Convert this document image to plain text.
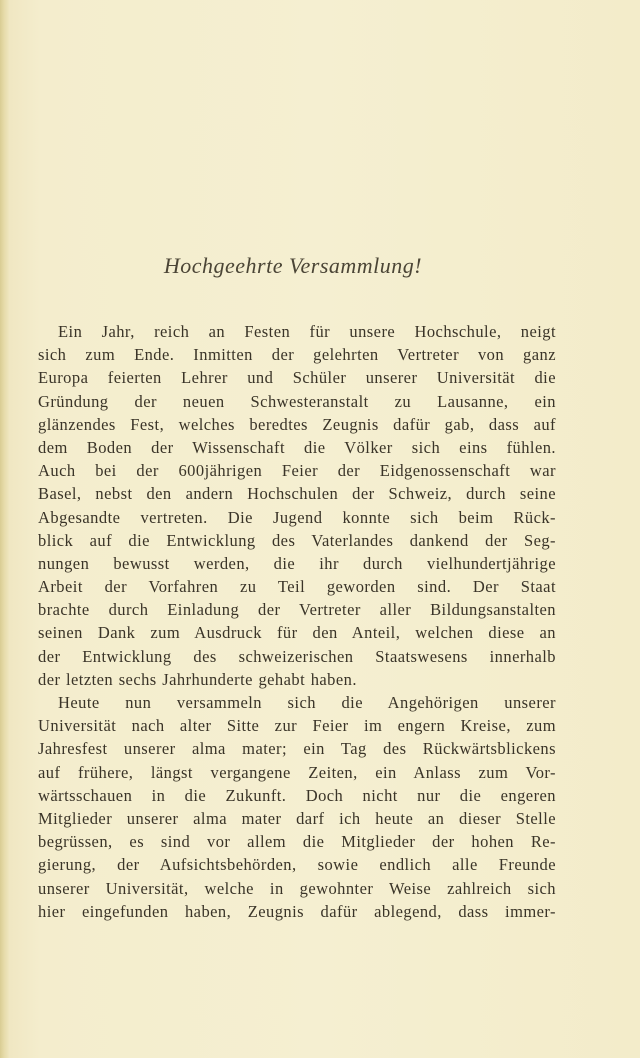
Hochgeehrte Versammlung!
Ein Jahr, reich an Festen für unsere Hochschule, neigt
sich zum Ende. Inmitten der gelehrten Vertreter von ganz
Europa feierten Lehrer und Schüler unserer Universität die
Gründung der neuen Schwesteranstalt zu Lausanne, ein
glänzendes Fest, welches beredtes Zeugnis dafür gab, dass auf
dem Boden der Wissenschaft die Völker sich eins fühlen.
Auch bei der 600jährigen Feier der Eidgenossenschaft war
Basel, nebst den andern Hochschulen der Schweiz, durch seine
Abgesandte vertreten. Die Jugend konnte sich beim Rück-
blick auf die Entwicklung des Vaterlandes dankend der Seg-
nungen bewusst werden, die ihr durch vielhundertjährige
Arbeit der Vorfahren zu Teil geworden sind. Der Staat
brachte durch Einladung der Vertreter aller Bildungsanstalten
seinen Dank zum Ausdruck für den Anteil, welchen diese an
der Entwicklung des schweizerischen Staatswesens innerhalb
der letzten sechs Jahrhunderte gehabt haben.
Heute nun versammeln sich die Angehörigen unserer
Universität nach alter Sitte zur Feier im engern Kreise, zum
Jahresfest unserer alma mater; ein Tag des Rückwärtsblickens
auf frühere, längst vergangene Zeiten, ein Anlass zum Vor-
wärtsschauen in die Zukunft. Doch nicht nur die engeren
Mitglieder unserer alma mater darf ich heute an dieser Stelle
begrüssen, es sind vor allem die Mitglieder der hohen Re-
gierung, der Aufsichtsbehörden, sowie endlich alle Freunde
unserer Universität, welche in gewohnter Weise zahlreich sich
hier eingefunden haben, Zeugnis dafür ablegend, dass immer-
